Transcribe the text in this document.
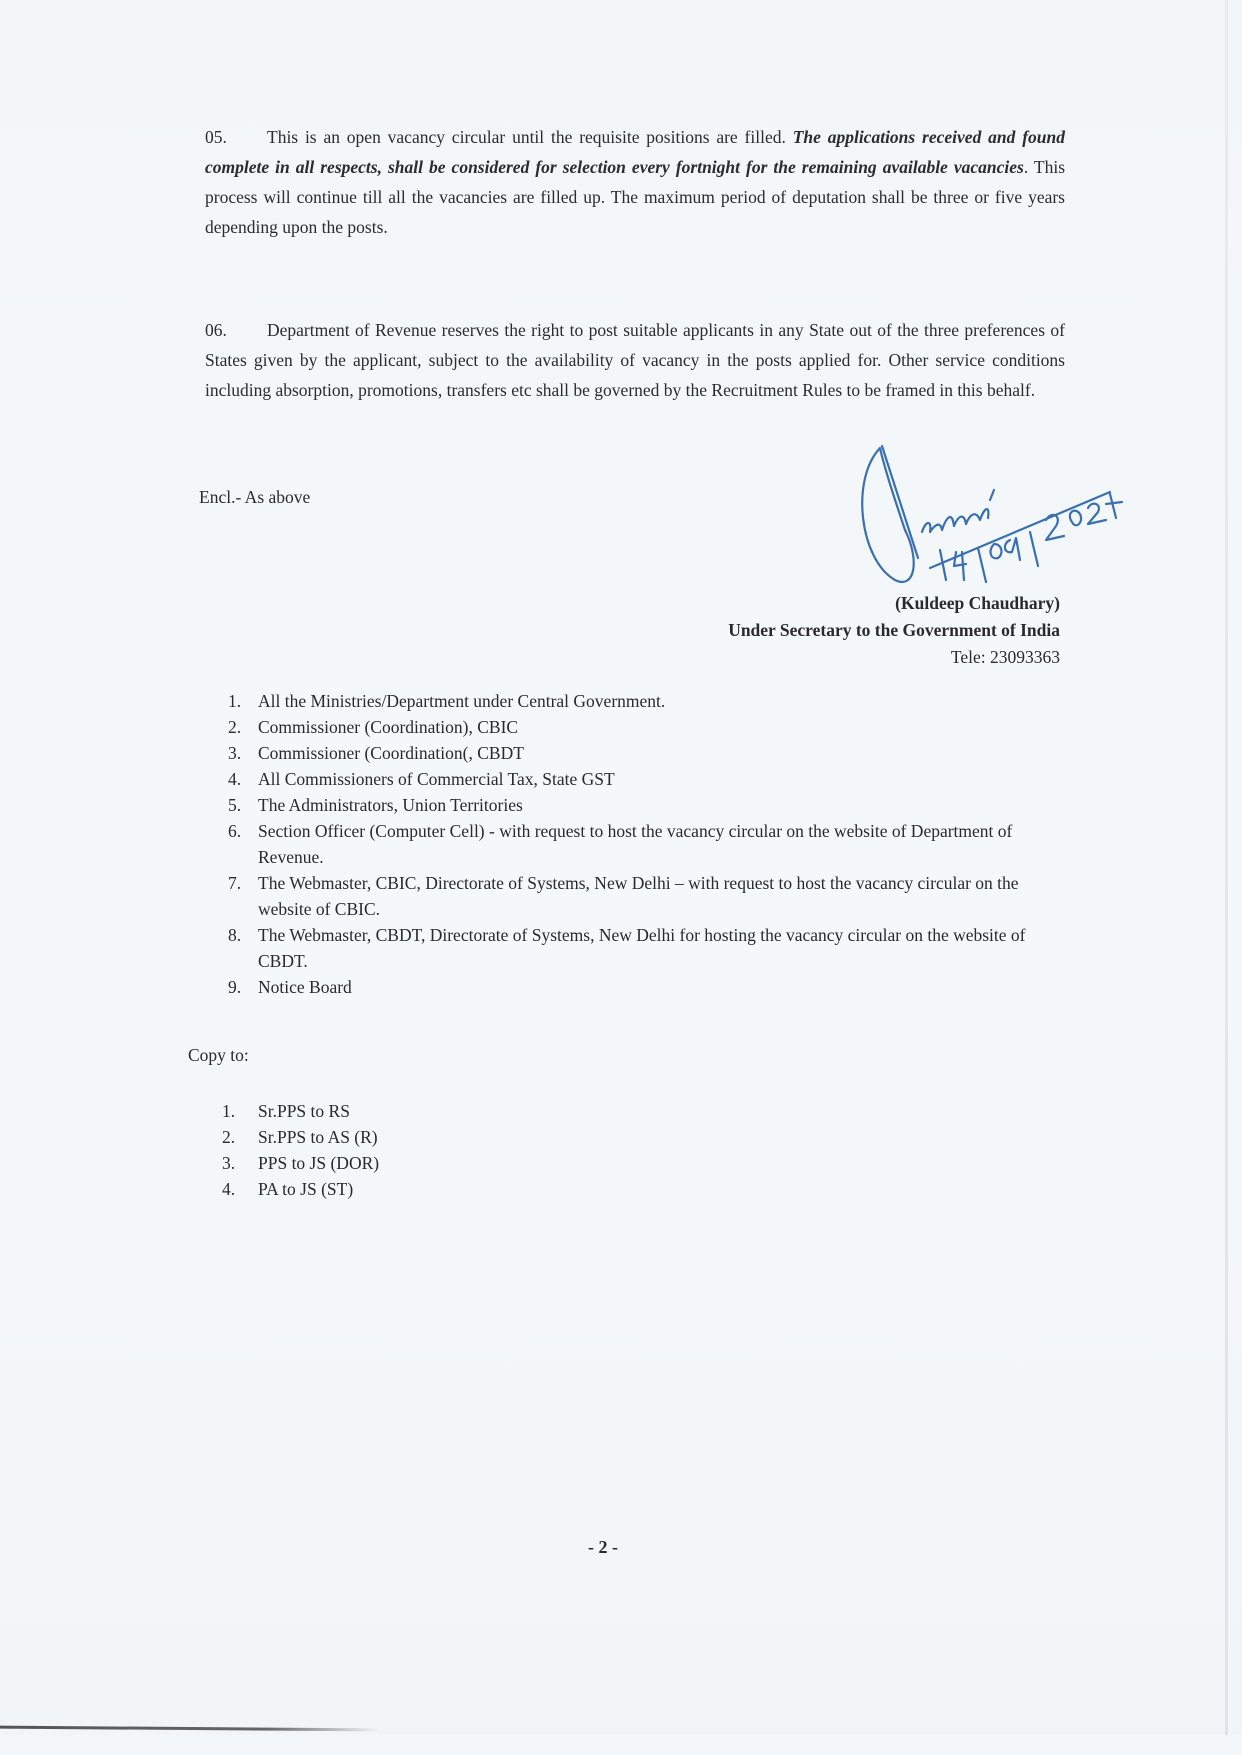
05. This is an open vacancy circular until the requisite positions are filled. The applications received and found complete in all respects, shall be considered for selection every fortnight for the remaining available vacancies. This process will continue till all the vacancies are filled up. The maximum period of deputation shall be three or five years depending upon the posts.
06. Department of Revenue reserves the right to post suitable applicants in any State out of the three preferences of States given by the applicant, subject to the availability of vacancy in the posts applied for. Other service conditions including absorption, promotions, transfers etc shall be governed by the Recruitment Rules to be framed in this behalf.
Encl.- As above
(Kuldeep Chaudhary)
Under Secretary to the Government of India
Tele: 23093363
1. All the Ministries/Department under Central Government.
2. Commissioner (Coordination), CBIC
3. Commissioner (Coordination(, CBDT
4. All Commissioners of Commercial Tax, State GST
5. The Administrators, Union Territories
6. Section Officer (Computer Cell) - with request to host the vacancy circular on the website of Department of Revenue.
7. The Webmaster, CBIC, Directorate of Systems, New Delhi – with request to host the vacancy circular on the website of CBIC.
8. The Webmaster, CBDT, Directorate of Systems, New Delhi for hosting the vacancy circular on the website of CBDT.
9. Notice Board
Copy to:
1. Sr.PPS to RS
2. Sr.PPS to AS (R)
3. PPS to JS (DOR)
4. PA to JS (ST)
- 2 -
